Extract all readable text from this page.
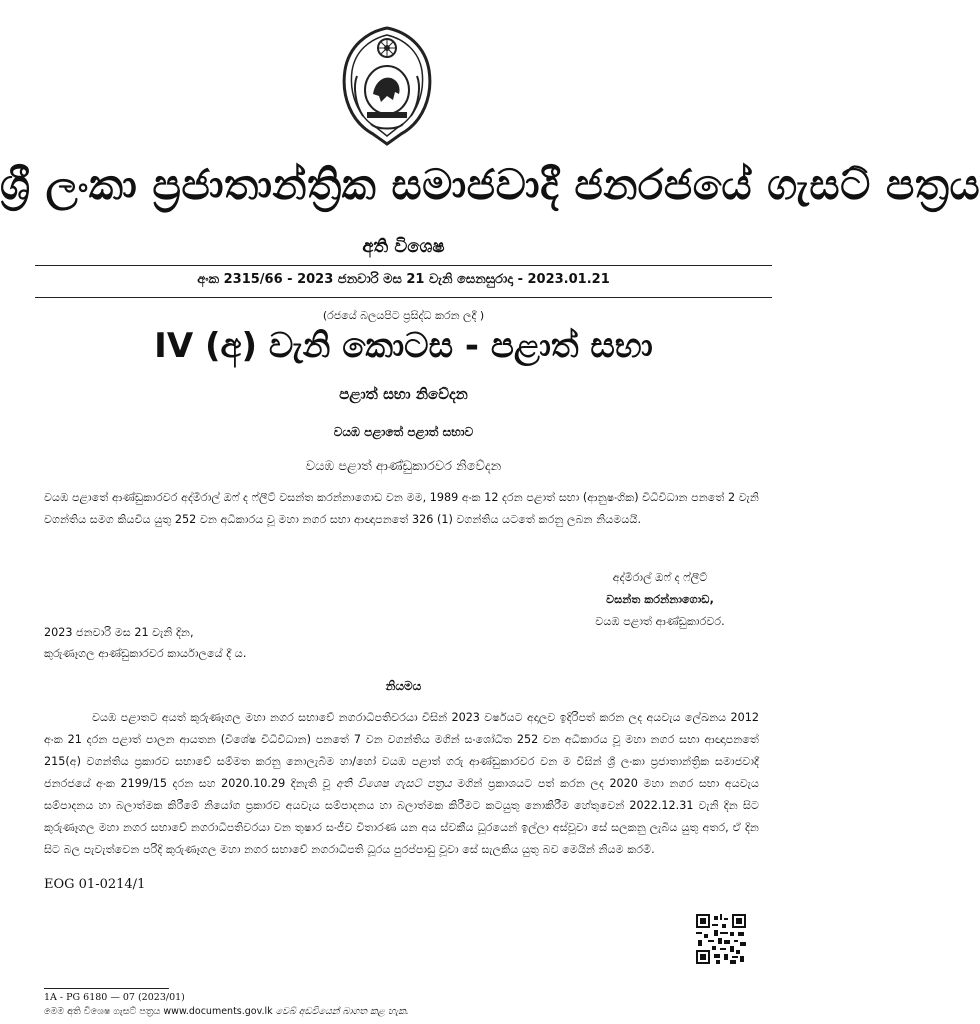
ශ්‍රී ලංකා ප්‍රජාතාන්ත්‍රික සමාජවාදී ජනරජයේ ගැසට් පත්‍රය
අති විශෙෂ
අංක 2315/66 - 2023 ජනවාරි මස 21 වැනි සෙනසුරාදා - 2023.01.21
(රජයේ බලයපිට ප්‍රසිද්ධ කරන ලදී )
IV (අ) වැනි කොටස - පළාත් සභා
පළාත් සභා නිවේදන
වයඹ පළාතේ පළාත් සභාව
වයඹ පළාත් ආණ්ඩුකාරවර නිවේදන
වයඹ පළාතේ ආණ්ඩුකාරවර අද්මිරාල් ඔෆ් ද ෆ්ලීට් වසන්ත කරන්නාගොඩ වන මම, 1989 අංක 12 දරන පළාත් සභා (ආනුෂංගික) විධිවිධාන පනතේ 2 වැනි වගන්තිය සමග කියවිය යුතු 252 වන අධිකාරය වූ මහා නගර සභා ආඥාපනතේ 326 (1) වගන්තිය යටතේ කරනු ලබන නියමයයි.
අද්මිරාල් ඔෆ් ද ෆ්ලීට්
වසන්ත කරන්නාගොඩ,
වයඹ පළාත් ආණ්ඩුකාරවර.
2023 ජනවාරි මස 21 වැනි දින,
කුරුණෑගල ආණ්ඩුකාරවර කාර්යාලයේ දී ය.
නියමය
වයඹ පළාතට අයත් කුරුණෑගල මහා නගර සභාවේ නගරාධිපතිවරයා විසින් 2023 වර්ෂයට අදාලව ඉදිරිපත් කරන ලද අයවැය ලේඛනය 2012 අංක 21 දරන පළාත් පාලන ආයතන (විශේෂ විධිවිධාන) පනතේ 7 වන වගන්තිය මගින් සංශෝධිත 252 වන අධිකාරය වූ මහා නගර සභා ආඥාපනතේ 215(අ) වගන්තිය ප්‍රකාරව සභාවේ සම්මත කරනු නොලැබීම හා/හෝ වයඹ පළාත් ගරු ආණ්ඩුකාරවර වන ම විසින් ශ්‍රී ලංකා ප්‍රජාතාන්ත්‍රික සමාජවාදී ජනරජයේ අංක 2199/15 දරන සහ 2020.10.29 දිනැති වූ අති විශෙෂ ගැසට් පත්‍රය මගින් ප්‍රකාශයට පත් කරන ලද 2020 මහා නගර සභා අයවැය සම්පාදනය හා බලාත්මක කිරීමේ නියෝග ප්‍රකාරව අයවැය සම්පාදනය හා බලාත්මක කිරීමට කටයුතු නොකිරීම හේතුවෙන් 2022.12.31 වැනි දින සිට කුරුණෑගල මහා නගර සභාවේ නගරාධිපතිවරයා වන තුෂාර සංජීව විතාරණ යන අය ස්වකීය ධූරයෙන් ඉල්ලා අස්වූවා සේ සලකනු ලැබිය යුතු අතර, ඒ දින සිට බල පැවැත්වෙන පරිදි කුරුණෑගල මහා නගර සභාවේ නගරාධිපති ධූරය පුරප්පාඩු වූවා සේ සැලකිය යුතු බව මෙයින් නියම කරමි.
EOG 01-0214/1
1A - PG 6180 — 07 (2023/01)
මෙම අති විශෙෂ ගැසට් පත්‍රය www.documents.gov.lk වෙබ් අඩවියෙන් බාගත කළ හැක.
